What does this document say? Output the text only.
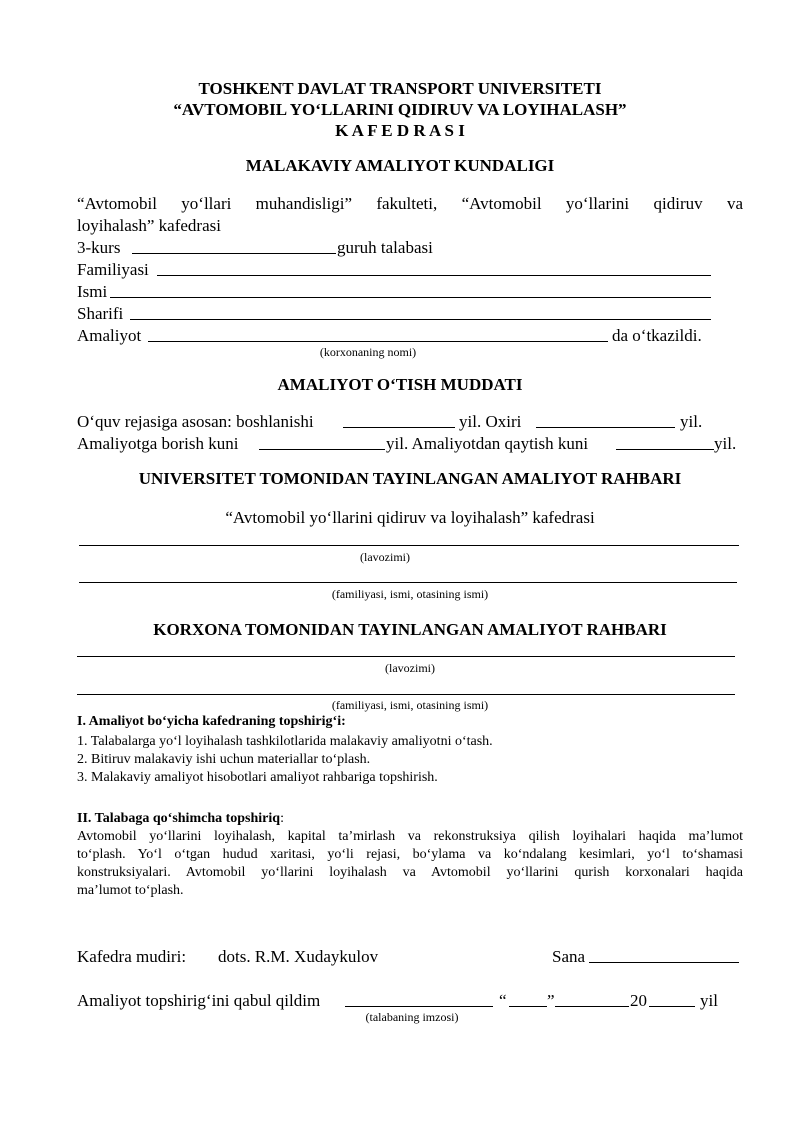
TOSHKENT DAVLAT TRANSPORT UNIVERSITETI
“AVTOMOBIL YO‘LLARINI QIDIRUV VA LOYIHALASH”
K A F E D R A S I
MALAKAVIY AMALIYOT KUNDALIGI
“Avtomobil yo‘llari muhandisligi” fakulteti, “Avtomobil yo‘llarini qidiruv va
loyihalash” kafedrasi
3-kurs	guruh talabasi
Familiyasi
Ismi
Sharifi
Amaliyot	da o‘tkazildi.
(korxonaning nomi)
AMALIYOT O‘TISH MUDDATI
O‘quv rejasiga asosan: boshlanishi	yil. Oxiri	yil.
Amaliyotga borish kuni	yil. Amaliyotdan qaytish kuni	yil.
UNIVERSITET TOMONIDAN TAYINLANGAN AMALIYOT RAHBARI
“Avtomobil yo‘llarini qidiruv va loyihalash” kafedrasi
(lavozimi)
(familiyasi, ismi, otasining ismi)
KORXONA TOMONIDAN TAYINLANGAN AMALIYOT RAHBARI
(lavozimi)
(familiyasi, ismi, otasining ismi)
I. Amaliyot bo‘yicha kafedraning topshirig‘i:
1. Talabalarga yo‘l loyihalash tashkilotlarida malakaviy amaliyotni o‘tash.
2. Bitiruv malakaviy ishi uchun materiallar to‘plash.
3. Malakaviy amaliyot hisobotlari amaliyot rahbariga topshirish.
II. Talabaga qo‘shimcha topshiriq:
Avtomobil yo‘llarini loyihalash, kapital ta’mirlash va rekonstruksiya qilish loyihalari haqida ma’lumot
to‘plash. Yo‘l o‘tgan hudud xaritasi, yo‘li rejasi, bo‘ylama va ko‘ndalang kesimlari, yo‘l to‘shamasi
konstruksiyalari. Avtomobil yo‘llarini loyihalash va Avtomobil yo‘llarini qurish korxonalari haqida
ma’lumot to‘plash.
Kafedra mudiri: dots. R.M. Xudaykulov	Sana
Amaliyot topshirig‘ini qabul qildim	“ ”	20	yil
(talabaning imzosi)
